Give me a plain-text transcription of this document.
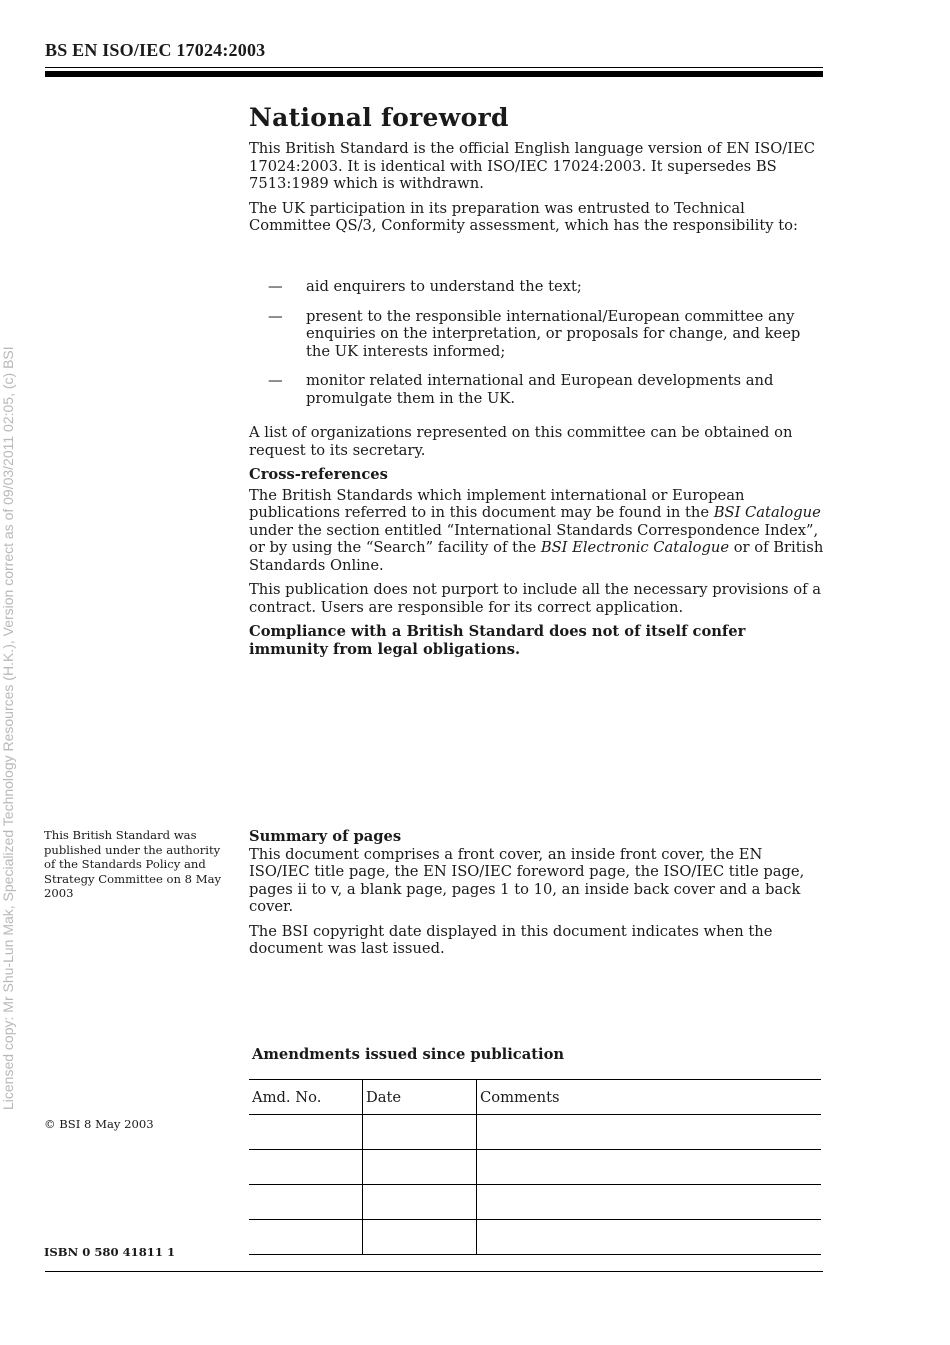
BS EN ISO/IEC 17024:2003
Licensed copy: Mr Shu-Lun Mak, Specialized Technology Resources (H.K.), Version correct as of 09/03/2011 02:05, (c) BSI
National foreword

This British Standard is the official English language version of EN ISO/IEC 17024:2003. It is identical with ISO/IEC 17024:2003. It supersedes BS 7513:1989 which is withdrawn.

The UK participation in its preparation was entrusted to Technical Committee QS/3, Conformity assessment, which has the responsibility to:

—	aid enquirers to understand the text;
—	present to the responsible international/European committee any enquiries on the interpretation, or proposals for change, and keep the UK interests informed;
—	monitor related international and European developments and promulgate them in the UK.

A list of organizations represented on this committee can be obtained on request to its secretary.

Cross-references

The British Standards which implement international or European publications referred to in this document may be found in the BSI Catalogue under the section entitled “International Standards Correspondence Index”, or by using the “Search” facility of the BSI Electronic Catalogue or of British Standards Online.

This publication does not purport to include all the necessary provisions of a contract. Users are responsible for its correct application.

Compliance with a British Standard does not of itself confer immunity from legal obligations.

This British Standard was published under the authority of the Standards Policy and Strategy Committee on 8 May 2003

Summary of pages

This document comprises a front cover, an inside front cover, the EN ISO/IEC title page, the EN ISO/IEC foreword page, the ISO/IEC title page, pages ii to v, a blank page, pages 1 to 10, an inside back cover and a back cover.

The BSI copyright date displayed in this document indicates when the document was last issued.

Amendments issued since publication
Amd. No.	Date	Comments

© BSI 8 May 2003
ISBN 0 580 41811 1
